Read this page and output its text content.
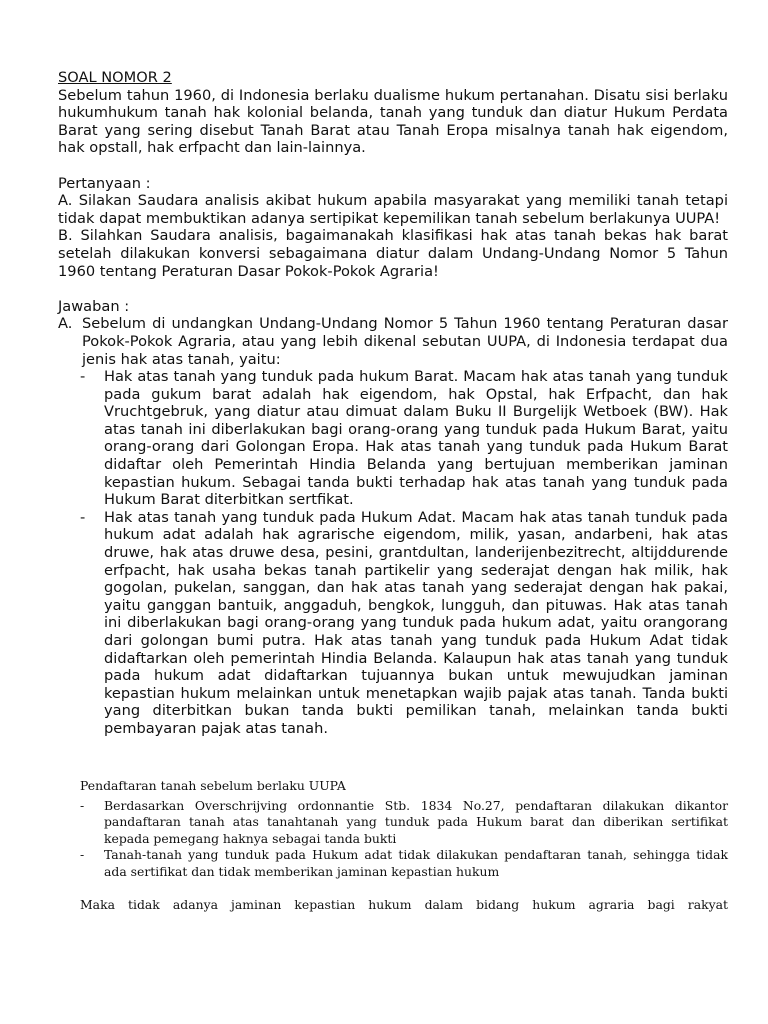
SOAL NOMOR 2

Sebelum tahun 1960, di Indonesia berlaku dualisme hukum pertanahan. Disatu sisi berlaku hukumhukum tanah hak kolonial belanda, tanah yang tunduk dan diatur Hukum Perdata Barat yang sering disebut Tanah Barat atau Tanah Eropa misalnya tanah hak eigendom, hak opstall, hak erfpacht dan lain-lainnya.

Pertanyaan :

A. Silakan Saudara analisis akibat hukum apabila masyarakat yang memiliki tanah tetapi tidak dapat membuktikan adanya sertipikat kepemilikan tanah sebelum berlakunya UUPA!

B. Silahkan Saudara analisis, bagaimanakah klasifikasi hak atas tanah bekas hak barat setelah dilakukan konversi sebagaimana diatur dalam Undang-Undang Nomor 5 Tahun 1960 tentang Peraturan Dasar Pokok-Pokok Agraria!

Jawaban :

A. Sebelum di undangkan Undang-Undang Nomor 5 Tahun 1960 tentang Peraturan dasar Pokok-Pokok Agraria, atau yang lebih dikenal sebutan UUPA, di Indonesia terdapat dua jenis hak atas tanah, yaitu:
-	Hak atas tanah yang tunduk pada hukum Barat. Macam hak atas tanah yang tunduk pada gukum barat adalah hak eigendom, hak Opstal, hak Erfpacht, dan hak Vruchtgebruk, yang diatur atau dimuat dalam Buku II Burgelijk Wetboek (BW). Hak atas tanah ini diberlakukan bagi orang-orang yang tunduk pada Hukum Barat, yaitu orang-orang dari Golongan Eropa. Hak atas tanah yang tunduk pada Hukum Barat didaftar oleh Pemerintah Hindia Belanda yang bertujuan memberikan jaminan kepastian hukum. Sebagai tanda bukti terhadap hak atas tanah yang tunduk pada Hukum Barat diterbitkan sertfikat.
-	Hak atas tanah yang tunduk pada Hukum Adat. Macam hak atas tanah tunduk pada hukum adat adalah hak agrarische eigendom, milik, yasan, andarbeni, hak atas druwe, hak atas druwe desa, pesini, grantdultan, landerijenbezitrecht, altijddurende erfpacht, hak usaha bekas tanah partikelir yang sederajat dengan hak milik, hak gogolan, pukelan, sanggan, dan hak atas tanah yang sederajat dengan hak pakai, yaitu ganggan bantuik, anggaduh, bengkok, lungguh, dan pituwas. Hak atas tanah ini diberlakukan bagi orang-orang yang tunduk pada hukum adat, yaitu orangorang dari golongan bumi putra. Hak atas tanah yang tunduk pada Hukum Adat tidak didaftarkan oleh pemerintah Hindia Belanda. Kalaupun hak atas tanah yang tunduk pada hukum adat didaftarkan tujuannya bukan untuk mewujudkan jaminan kepastian hukum melainkan untuk menetapkan wajib pajak atas tanah. Tanda bukti yang diterbitkan bukan tanda bukti pemilikan tanah, melainkan tanda bukti pembayaran pajak atas tanah.

Pendaftaran tanah sebelum berlaku UUPA

-	Berdasarkan Overschrijving ordonnantie Stb. 1834 No.27, pendaftaran dilakukan dikantor pandaftaran tanah atas tanahtanah yang tunduk pada Hukum barat dan diberikan sertifikat kepada pemegang haknya sebagai tanda bukti
-	Tanah-tanah yang tunduk pada Hukum adat tidak dilakukan pendaftaran tanah, sehingga tidak ada sertifikat dan tidak memberikan jaminan kepastian hukum

Maka tidak adanya jaminan kepastian hukum dalam bidang hukum agraria bagi rakyat
